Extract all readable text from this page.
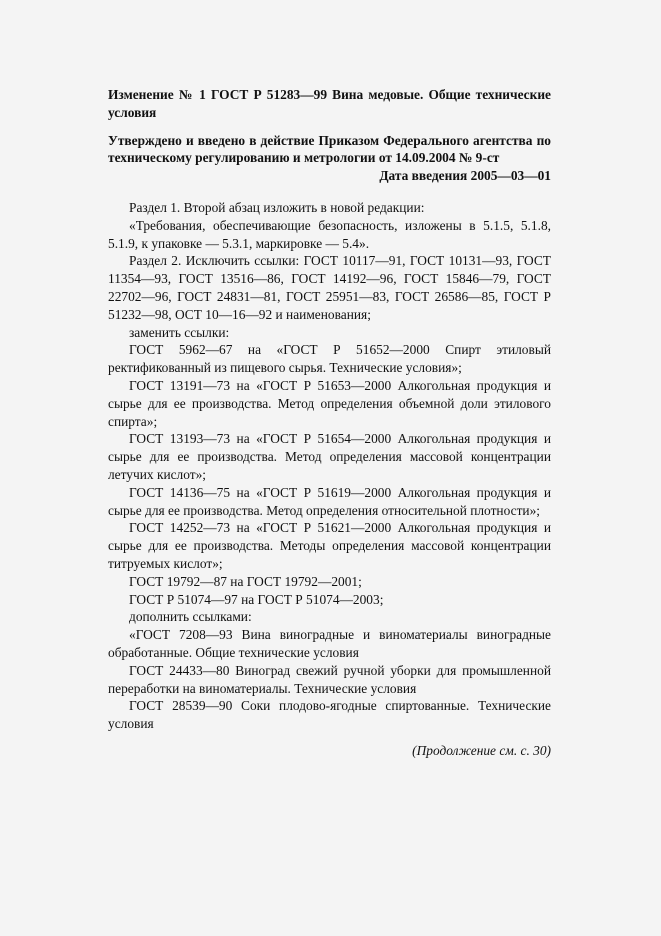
Изменение № 1 ГОСТ Р 51283—99 Вина медовые. Общие технические условия

Утверждено и введено в действие Приказом Федерального агентства по техническому регулированию и метрологии от 14.09.2004 № 9-ст

Дата введения 2005—03—01

Раздел 1. Второй абзац изложить в новой редакции:

«Требования, обеспечивающие безопасность, изложены в 5.1.5, 5.1.8, 5.1.9, к упаковке — 5.3.1, маркировке — 5.4».

Раздел 2. Исключить ссылки: ГОСТ 10117—91, ГОСТ 10131—93, ГОСТ 11354—93, ГОСТ 13516—86, ГОСТ 14192—96, ГОСТ 15846—79, ГОСТ 22702—96, ГОСТ 24831—81, ГОСТ 25951—83, ГОСТ 26586—85, ГОСТ Р 51232—98, ОСТ 10—16—92 и наименования;

заменить ссылки:

ГОСТ 5962—67 на «ГОСТ Р 51652—2000 Спирт этиловый ректификованный из пищевого сырья. Технические условия»;

ГОСТ 13191—73 на «ГОСТ Р 51653—2000 Алкогольная продукция и сырье для ее производства. Метод определения объемной доли этилового спирта»;

ГОСТ 13193—73 на «ГОСТ Р 51654—2000 Алкогольная продукция и сырье для ее производства. Метод определения массовой концентрации летучих кислот»;

ГОСТ 14136—75 на «ГОСТ Р 51619—2000 Алкогольная продукция и сырье для ее производства. Метод определения относительной плотности»;

ГОСТ 14252—73 на «ГОСТ Р 51621—2000 Алкогольная продукция и сырье для ее производства. Методы определения массовой концентрации титруемых кислот»;

ГОСТ 19792—87 на ГОСТ 19792—2001;

ГОСТ Р 51074—97 на ГОСТ Р 51074—2003;

дополнить ссылками:

«ГОСТ 7208—93 Вина виноградные и виноматериалы виноградные обработанные. Общие технические условия

ГОСТ 24433—80 Виноград свежий ручной уборки для промышленной переработки на виноматериалы. Технические условия

ГОСТ 28539—90 Соки плодово-ягодные спиртованные. Технические условия

(Продолжение см. с. 30)
